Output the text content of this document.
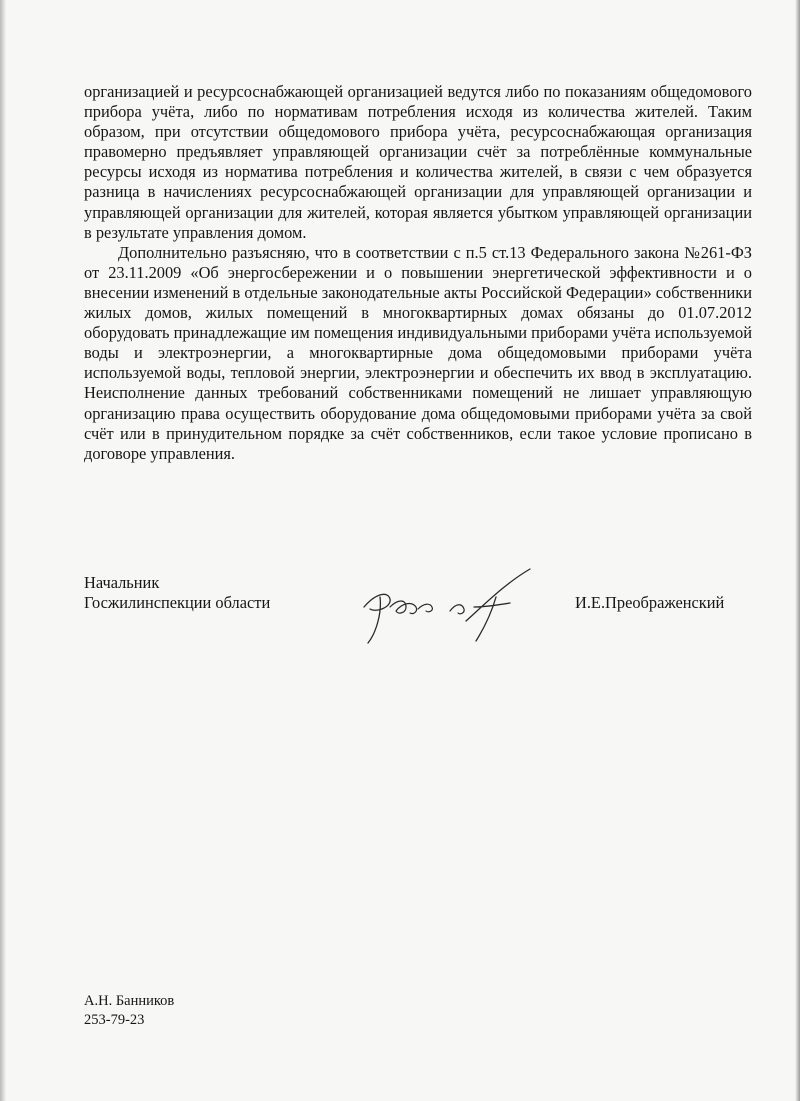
организацией и ресурсоснабжающей организацией ведутся либо по показаниям общедомового прибора учёта, либо по нормативам потребления исходя из количества жителей. Таким образом, при отсутствии общедомового прибора учёта, ресурсоснабжающая организация правомерно предъявляет управляющей организации счёт за потреблённые коммунальные ресурсы исходя из норматива потребления и количества жителей, в связи с чем образуется разница в начислениях ресурсоснабжающей организации для управляющей организации и управляющей организации для жителей, которая является убытком управляющей организации в результате управления домом.

Дополнительно разъясняю, что в соответствии с п.5 ст.13 Федерального закона №261-ФЗ от 23.11.2009 «Об энергосбережении и о повышении энергетической эффективности и о внесении изменений в отдельные законодательные акты Российской Федерации» собственники жилых домов, жилых помещений в многоквартирных домах обязаны до 01.07.2012 оборудовать принадлежащие им помещения индивидуальными приборами учёта используемой воды и электроэнергии, а многоквартирные дома общедомовыми приборами учёта используемой воды, тепловой энергии, электроэнергии и обеспечить их ввод в эксплуатацию. Неисполнение данных требований собственниками помещений не лишает управляющую организацию права осуществить оборудование дома общедомовыми приборами учёта за свой счёт или в принудительном порядке за счёт собственников, если такое условие прописано в договоре управления.

Начальник
Госжилинспекции области	И.Е.Преображенский
А.Н. Банников
253-79-23
